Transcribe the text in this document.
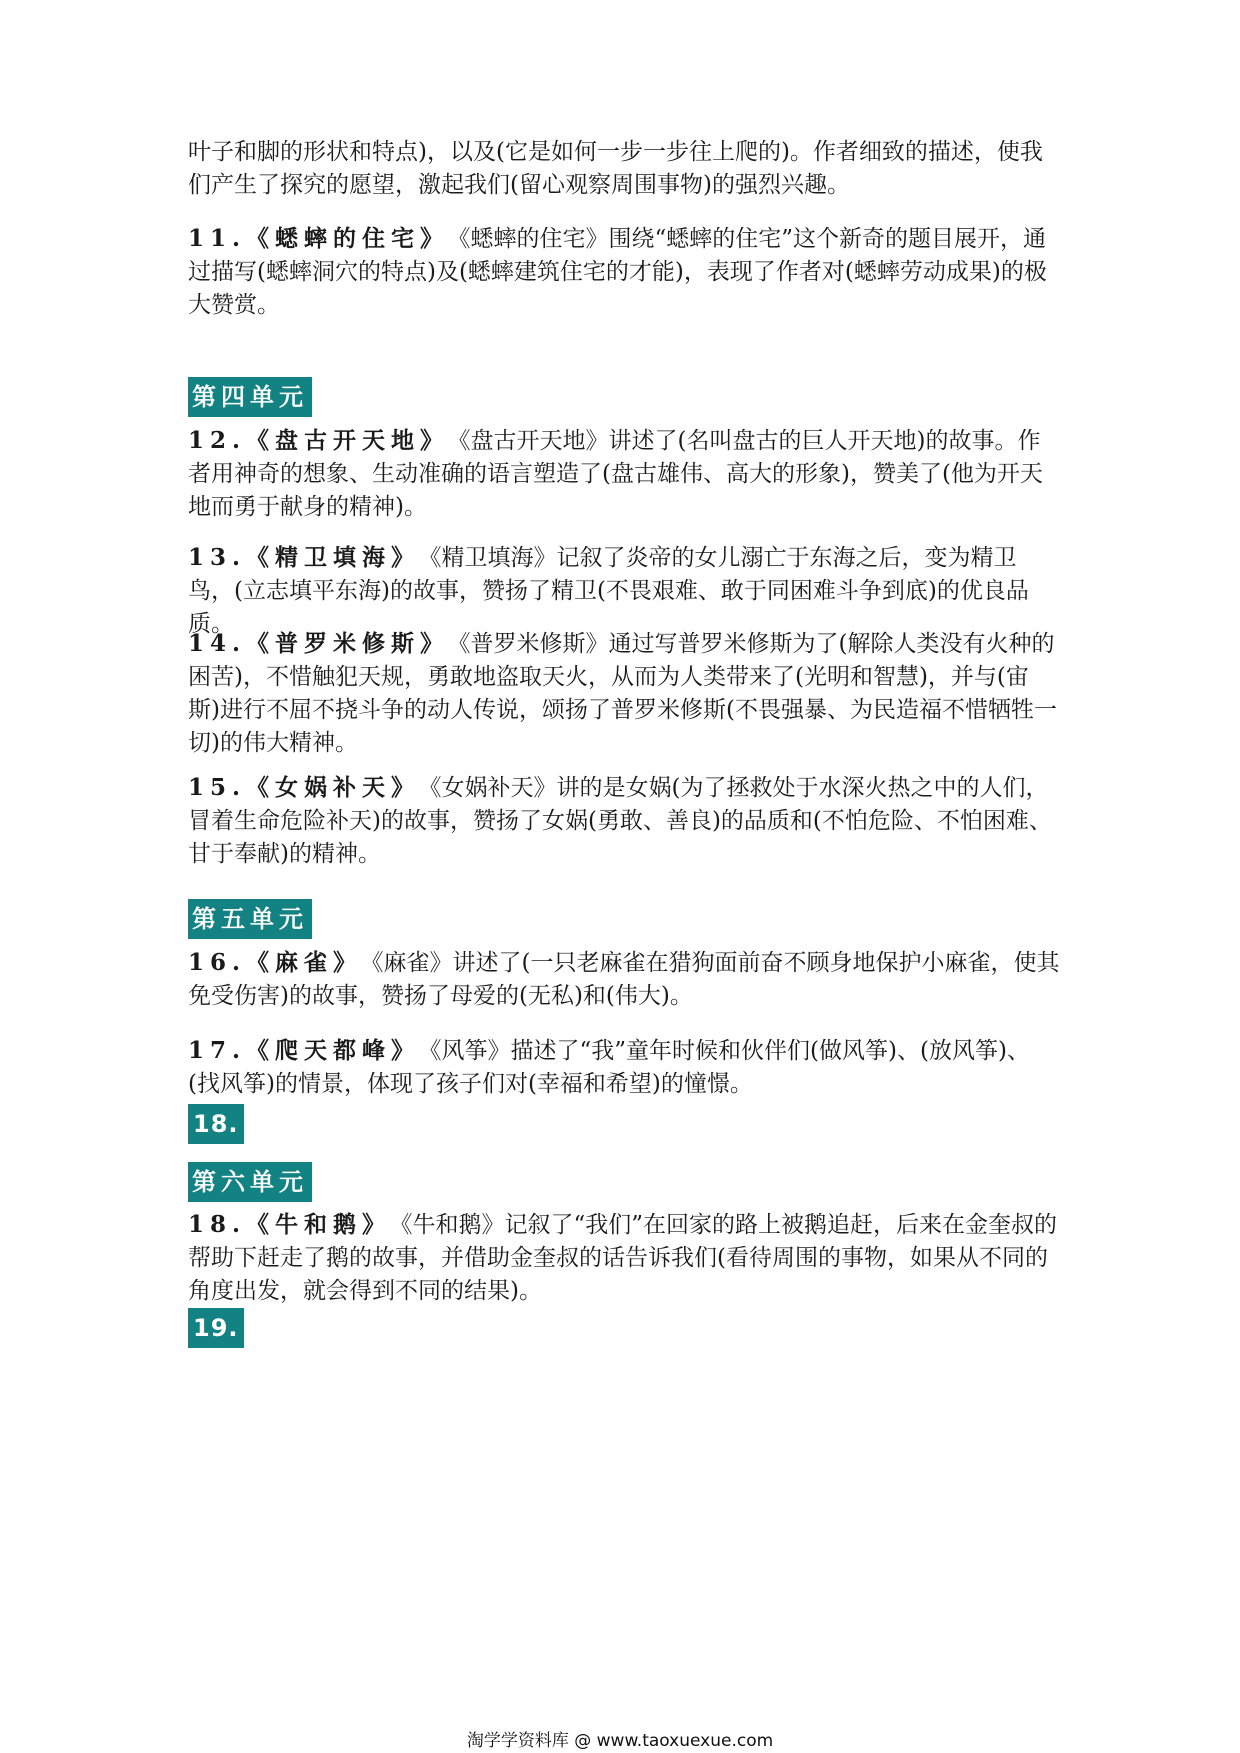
叶子和脚的形状和特点)，以及(它是如何一步一步往上爬的)。作者细致的描述，使我们产生了探究的愿望，激起我们(留心观察周围事物)的强烈兴趣。
11.《蟋蟀的住宅》 《蟋蟀的住宅》围绕“蟋蟀的住宅”这个新奇的题目展开，通过描写(蟋蟀洞穴的特点)及(蟋蟀建筑住宅的才能)，表现了作者对(蟋蟀劳动成果)的极大赞赏。
第四单元
12.《盘古开天地》 《盘古开天地》讲述了(名叫盘古的巨人开天地)的故事。作者用神奇的想象、生动准确的语言塑造了(盘古雄伟、高大的形象)，赞美了(他为开天地而勇于献身的精神)。
13.《精卫填海》 《精卫填海》记叙了炎帝的女儿溺亡于东海之后，变为精卫鸟，(立志填平东海)的故事，赞扬了精卫(不畏艰难、敢于同困难斗争到底)的优良品质。
14.《普罗米修斯》 《普罗米修斯》通过写普罗米修斯为了(解除人类没有火种的困苦)，不惜触犯天规，勇敢地盗取天火，从而为人类带来了(光明和智慧)，并与(宙斯)进行不屈不挠斗争的动人传说，颂扬了普罗米修斯(不畏强暴、为民造福不惜牺牲一切)的伟大精神。
15.《女娲补天》 《女娲补天》讲的是女娲(为了拯救处于水深火热之中的人们，冒着生命危险补天)的故事，赞扬了女娲(勇敢、善良)的品质和(不怕危险、不怕困难、甘于奉献)的精神。
第五单元
16.《麻雀》 《麻雀》讲述了(一只老麻雀在猎狗面前奋不顾身地保护小麻雀，使其免受伤害)的故事，赞扬了母爱的(无私)和(伟大)。
17.《爬天都峰》 《风筝》描述了“我”童年时候和伙伴们(做风筝)、(放风筝)、(找风筝)的情景，体现了孩子们对(幸福和希望)的憧憬。
18.
第六单元
18.《牛和鹅》 《牛和鹅》记叙了“我们”在回家的路上被鹅追赶，后来在金奎叔的帮助下赶走了鹅的故事，并借助金奎叔的话告诉我们(看待周围的事物，如果从不同的角度出发，就会得到不同的结果)。
19.
淘学学资料库 @ www.taoxuexue.com
